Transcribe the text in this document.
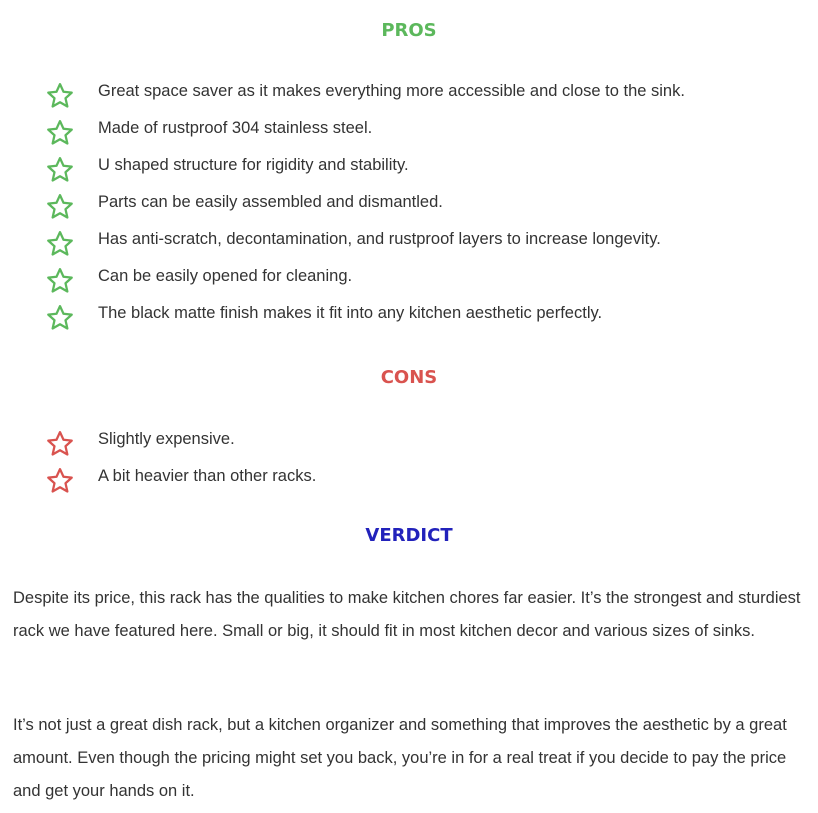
PROS
Great space saver as it makes everything more accessible and close to the sink.
Made of rustproof 304 stainless steel.
U shaped structure for rigidity and stability.
Parts can be easily assembled and dismantled.
Has anti-scratch, decontamination, and rustproof layers to increase longevity.
Can be easily opened for cleaning.
The black matte finish makes it fit into any kitchen aesthetic perfectly.
CONS
Slightly expensive.
A bit heavier than other racks.
VERDICT

Despite its price, this rack has the qualities to make kitchen chores far easier. It’s the strongest and sturdiest rack we have featured here. Small or big, it should fit in most kitchen decor and various sizes of sinks.

It’s not just a great dish rack, but a kitchen organizer and something that improves the aesthetic by a great amount. Even though the pricing might set you back, you’re in for a real treat if you decide to pay the price and get your hands on it.
